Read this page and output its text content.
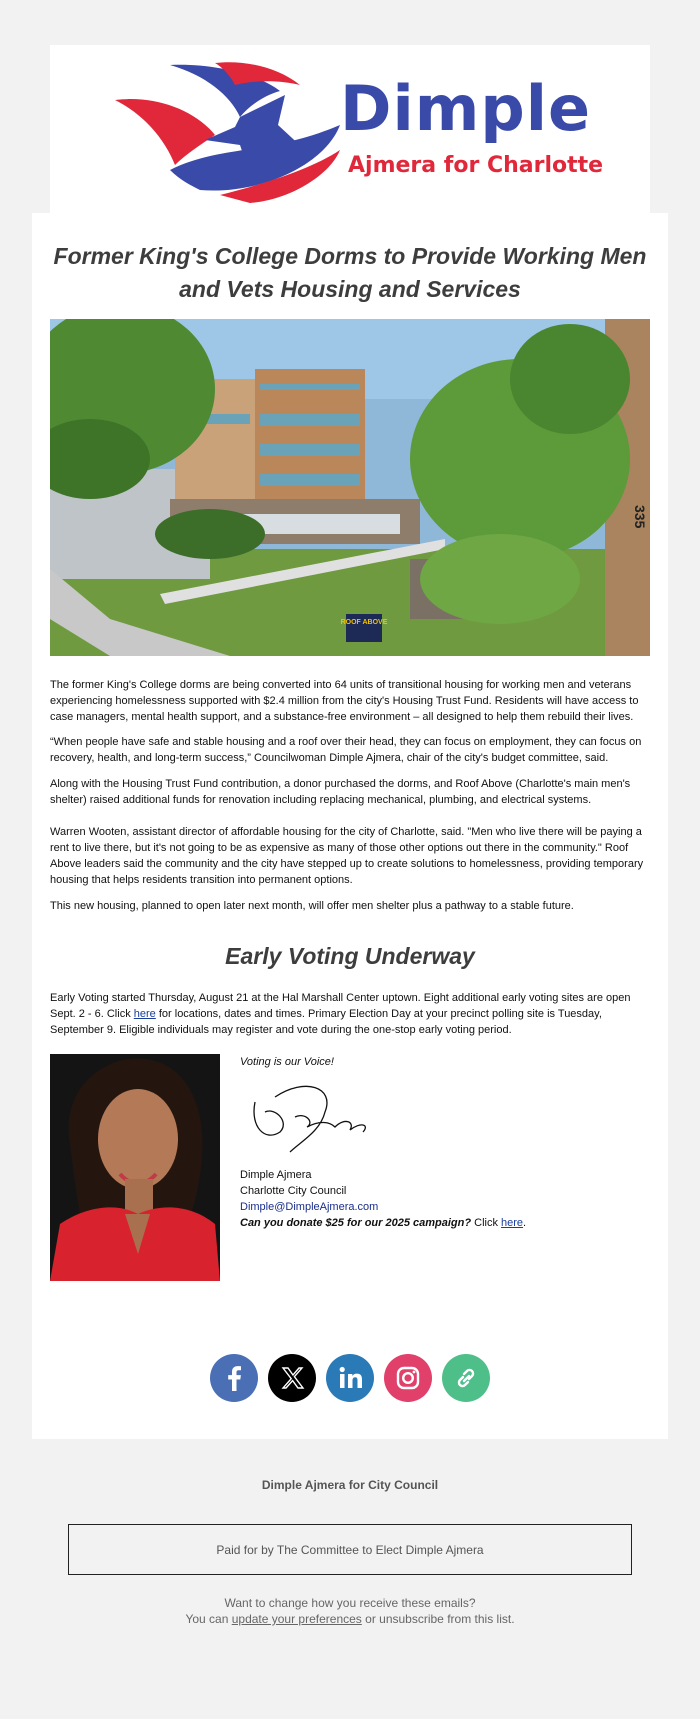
Dimple
Ajmera for Charlotte
Former King's College Dorms to Provide Working Men and Vets Housing and Services
ROOF ABOVE
335
The former King's College dorms are being converted into 64 units of transitional housing for working men and veterans experiencing homelessness supported with $2.4 million from the city's Housing Trust Fund. Residents will have access to case managers, mental health support, and a substance-free environment – all designed to help them rebuild their lives.
“When people have safe and stable housing and a roof over their head, they can focus on employment, they can focus on recovery, health, and long-term success,” Councilwoman Dimple Ajmera, chair of the city's budget committee, said.
Along with the Housing Trust Fund contribution, a donor purchased the dorms, and Roof Above (Charlotte's main men's shelter) raised additional funds for renovation including replacing mechanical, plumbing, and electrical systems.
Warren Wooten, assistant director of affordable housing for the city of Charlotte, said. "Men who live there will be paying a rent to live there, but it's not going to be as expensive as many of those other options out there in the community." Roof Above leaders said the community and the city have stepped up to create solutions to homelessness, providing temporary housing that helps residents transition into permanent options.
This new housing, planned to open later next month, will offer men shelter plus a pathway to a stable future.
Early Voting Underway
Early Voting started Thursday, August 21 at the Hal Marshall Center uptown. Eight additional early voting sites are open Sept. 2 - 6. Click here for locations, dates and times. Primary Election Day at your precinct polling site is Tuesday, September 9. Eligible individuals may register and vote during the one-stop early voting period.
Voting is our Voice!
Dimple Ajmera
Charlotte City Council
Dimple@DimpleAjmera.com
Can you donate $25 for our 2025 campaign? Click here.
Dimple Ajmera for City Council
Paid for by The Committee to Elect Dimple Ajmera
Want to change how you receive these emails?
You can update your preferences or unsubscribe from this list.
